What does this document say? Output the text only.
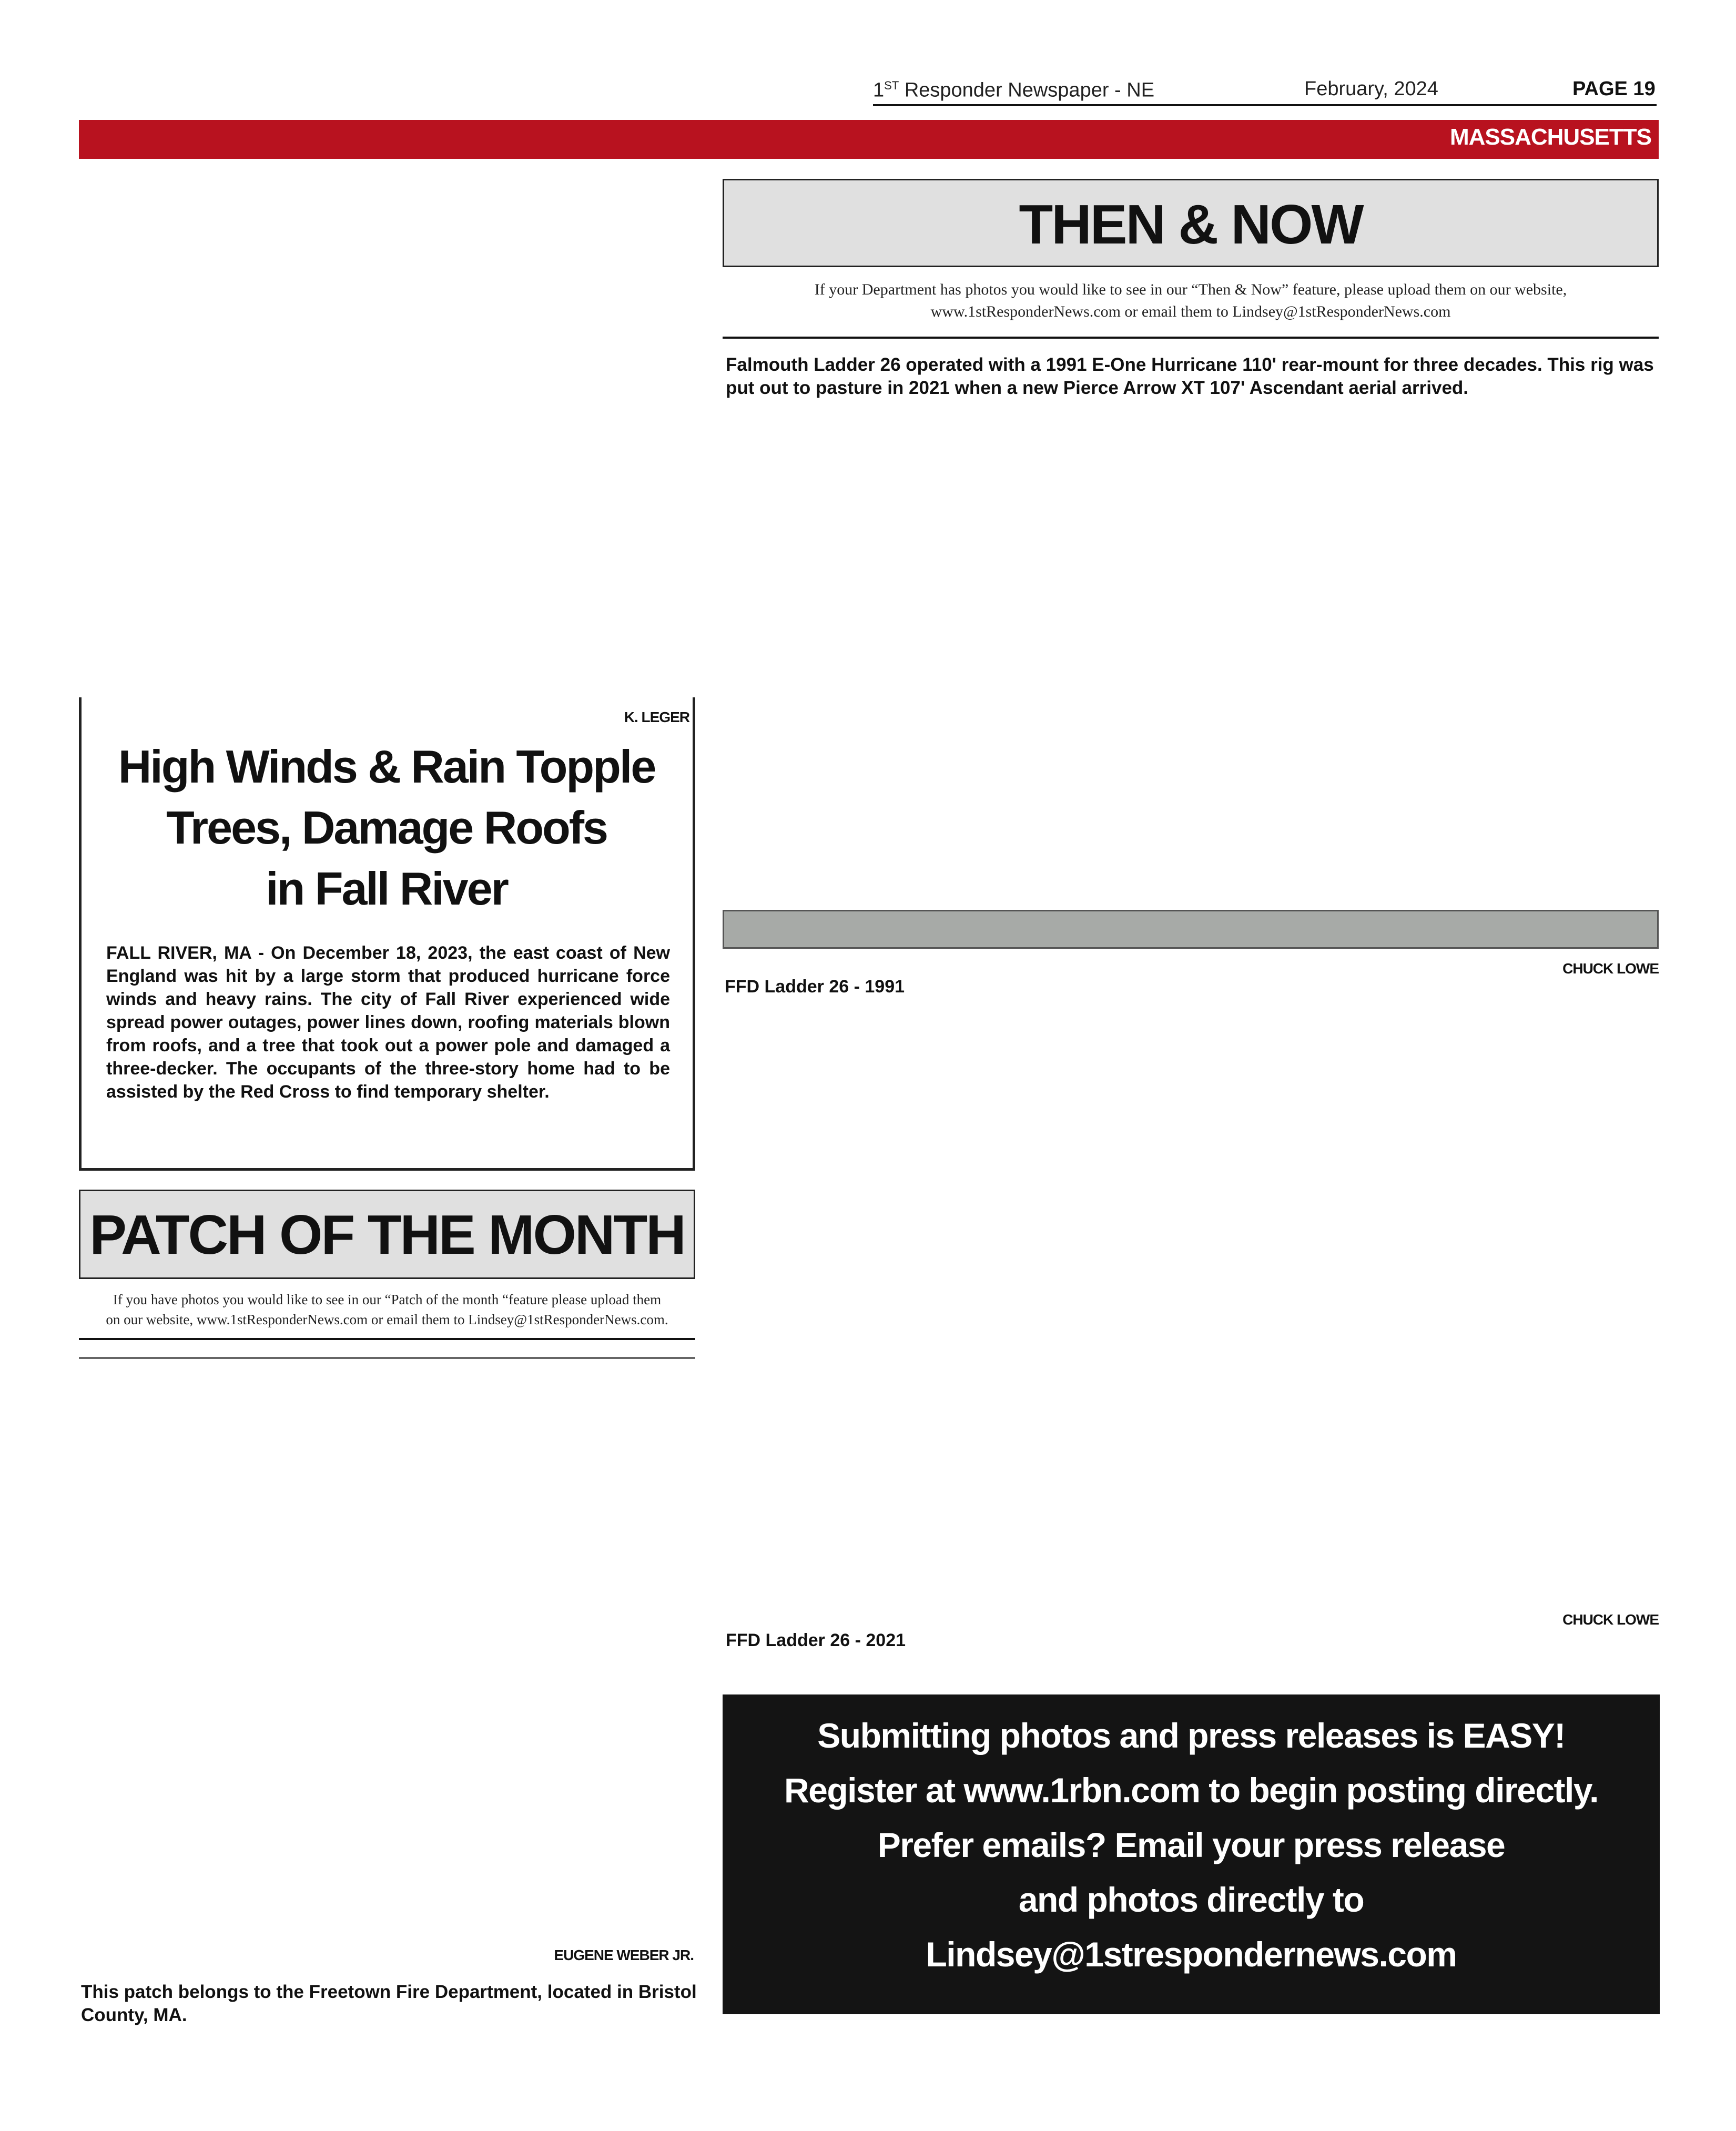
1ST Responder Newspaper - NE	February, 2024	PAGE 19
MASSACHUSETTS
THEN & NOW
If your Department has photos you would like to see in our “Then & Now” feature, please upload them on our website,
www.1stResponderNews.com or email them to Lindsey@1stResponderNews.com
Falmouth Ladder 26 operated with a 1991 E-One Hurricane 110' rear-mount for three decades. This rig was put out to pasture in 2021 when a new Pierce Arrow XT 107' Ascendant aerial arrived.
CHUCK LOWE
FFD Ladder 26 - 1991
CHUCK LOWE
FFD Ladder 26 - 2021
K. LEGER
High Winds & Rain Topple
Trees, Damage Roofs
in Fall River
FALL RIVER, MA - On December 18, 2023, the east coast of New England was hit by a large storm that produced hurricane force winds and heavy rains. The city of Fall River experienced wide spread power outages, power lines down, roofing materials blown from roofs, and a tree that took out a power pole and damaged a three-decker. The occupants of the three-story home had to be assisted by the Red Cross to find temporary shelter.
PATCH OF THE MONTH
If you have photos you would like to see in our “Patch of the month “feature please upload them
on our website, www.1stResponderNews.com or email them to Lindsey@1stResponderNews.com.
EUGENE WEBER JR.
This patch belongs to the Freetown Fire Department, located in Bristol County, MA.
Submitting photos and press releases is EASY!
Register at www.1rbn.com to begin posting directly.
Prefer emails? Email your press release
and photos directly to
Lindsey@1strespondernews.com
